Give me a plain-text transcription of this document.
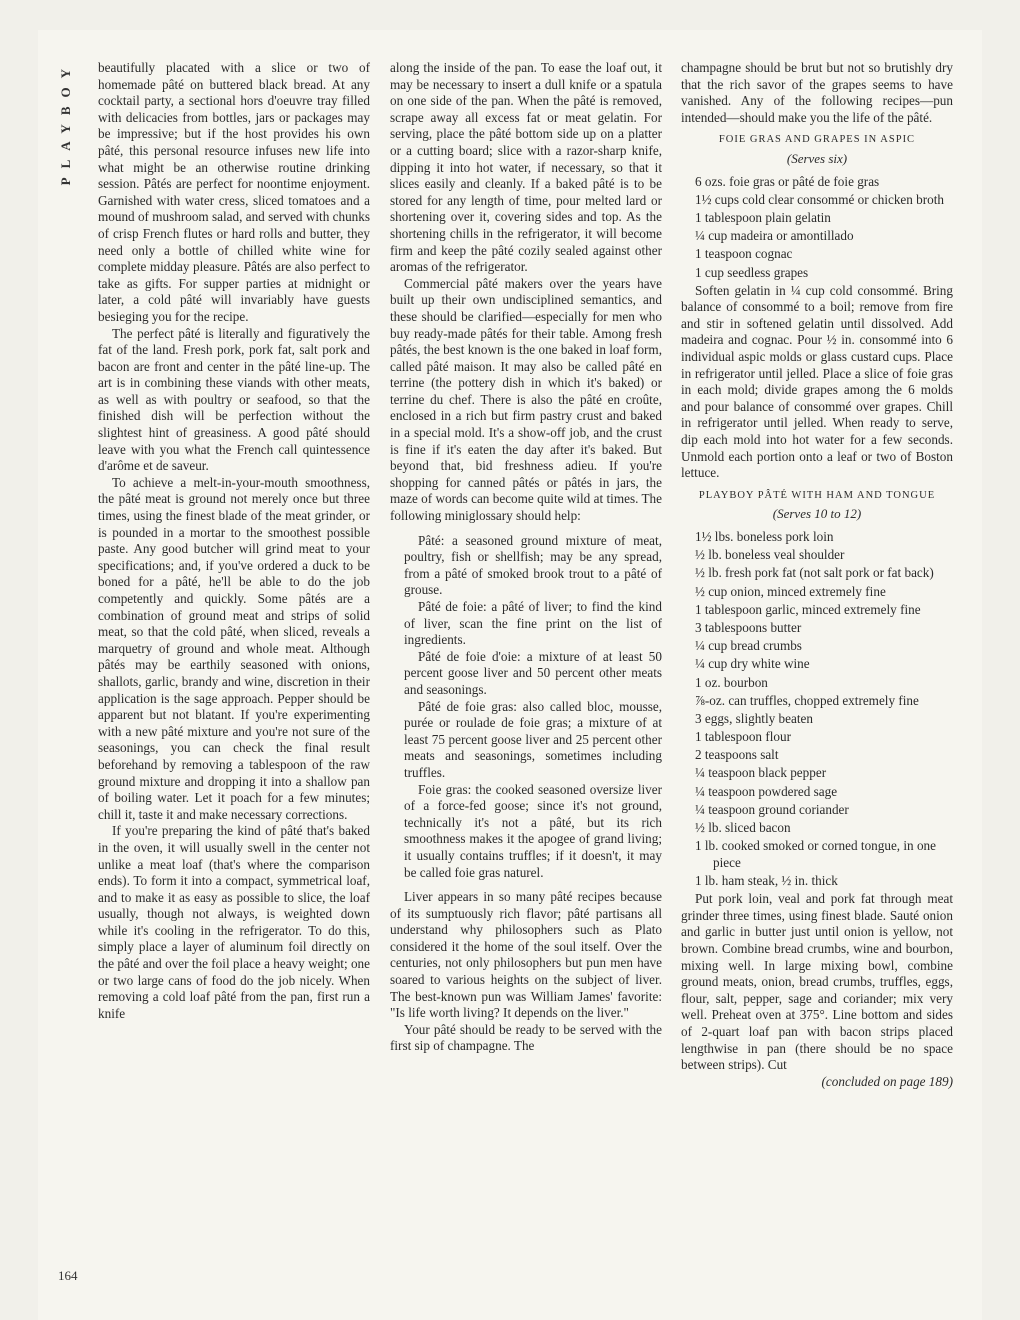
PLAYBOY
164

beautifully placated with a slice or two of homemade pâté on buttered black bread. At any cocktail party, a sectional hors d'oeuvre tray filled with delicacies from bottles, jars or packages may be impressive; but if the host provides his own pâté, this personal resource infuses new life into what might be an otherwise routine drinking session. Pâtés are perfect for noontime enjoyment. Garnished with water cress, sliced tomatoes and a mound of mushroom salad, and served with chunks of crisp French flutes or hard rolls and butter, they need only a bottle of chilled white wine for complete midday pleasure. Pâtés are also perfect to take as gifts. For supper parties at midnight or later, a cold pâté will invariably have guests besieging you for the recipe.

The perfect pâté is literally and figuratively the fat of the land. Fresh pork, pork fat, salt pork and bacon are front and center in the pâté line-up. The art is in combining these viands with other meats, as well as with poultry or seafood, so that the finished dish will be perfection without the slightest hint of greasiness. A good pâté should leave with you what the French call quintessence d'arôme et de saveur.

To achieve a melt-in-your-mouth smoothness, the pâté meat is ground not merely once but three times, using the finest blade of the meat grinder, or is pounded in a mortar to the smoothest possible paste. Any good butcher will grind meat to your specifications; and, if you've ordered a duck to be boned for a pâté, he'll be able to do the job competently and quickly. Some pâtés are a combination of ground meat and strips of solid meat, so that the cold pâté, when sliced, reveals a marquetry of ground and whole meat. Although pâtés may be earthily seasoned with onions, shallots, garlic, brandy and wine, discretion in their application is the sage approach. Pepper should be apparent but not blatant. If you're experimenting with a new pâté mixture and you're not sure of the seasonings, you can check the final result beforehand by removing a tablespoon of the raw ground mixture and dropping it into a shallow pan of boiling water. Let it poach for a few minutes; chill it, taste it and make necessary corrections.

If you're preparing the kind of pâté that's baked in the oven, it will usually swell in the center not unlike a meat loaf (that's where the comparison ends). To form it into a compact, symmetrical loaf, and to make it as easy as possible to slice, the loaf usually, though not always, is weighted down while it's cooling in the refrigerator. To do this, simply place a layer of aluminum foil directly on the pâté and over the foil place a heavy weight; one or two large cans of food do the job nicely. When removing a cold loaf pâté from the pan, first run a knife

along the inside of the pan. To ease the loaf out, it may be necessary to insert a dull knife or a spatula on one side of the pan. When the pâté is removed, scrape away all excess fat or meat gelatin. For serving, place the pâté bottom side up on a platter or a cutting board; slice with a razor-sharp knife, dipping it into hot water, if necessary, so that it slices easily and cleanly. If a baked pâté is to be stored for any length of time, pour melted lard or shortening over it, covering sides and top. As the shortening chills in the refrigerator, it will become firm and keep the pâté cozily sealed against other aromas of the refrigerator.

Commercial pâté makers over the years have built up their own undisciplined semantics, and these should be clarified—especially for men who buy ready-made pâtés for their table. Among fresh pâtés, the best known is the one baked in loaf form, called pâté maison. It may also be called pâté en terrine (the pottery dish in which it's baked) or terrine du chef. There is also the pâté en croûte, enclosed in a rich but firm pastry crust and baked in a special mold. It's a show-off job, and the crust is fine if it's eaten the day after it's baked. But beyond that, bid freshness adieu. If you're shopping for canned pâtés or pâtés in jars, the maze of words can become quite wild at times. The following miniglossary should help:

Pâté: a seasoned ground mixture of meat, poultry, fish or shellfish; may be any spread, from a pâté of smoked brook trout to a pâté of grouse.

Pâté de foie: a pâté of liver; to find the kind of liver, scan the fine print on the list of ingredients.

Pâté de foie d'oie: a mixture of at least 50 percent goose liver and 50 percent other meats and seasonings.

Pâté de foie gras: also called bloc, mousse, purée or roulade de foie gras; a mixture of at least 75 percent goose liver and 25 percent other meats and seasonings, sometimes including truffles.

Foie gras: the cooked seasoned oversize liver of a force-fed goose; since it's not ground, technically it's not a pâté, but its rich smoothness makes it the apogee of grand living; it usually contains truffles; if it doesn't, it may be called foie gras naturel.

Liver appears in so many pâté recipes because of its sumptuously rich flavor; pâté partisans all understand why philosophers such as Plato considered it the home of the soul itself. Over the centuries, not only philosophers but pun men have soared to various heights on the subject of liver. The best-known pun was William James' favorite: "Is life worth living? It depends on the liver."

Your pâté should be ready to be served with the first sip of champagne. The

champagne should be brut but not so brutishly dry that the rich savor of the grapes seems to have vanished. Any of the following recipes—pun intended—should make you the life of the pâté.

FOIE GRAS AND GRAPES IN ASPIC
(Serves six)
6 ozs. foie gras or pâté de foie gras
1½ cups cold clear consommé or chicken broth
1 tablespoon plain gelatin
¼ cup madeira or amontillado
1 teaspoon cognac
1 cup seedless grapes

Soften gelatin in ¼ cup cold consommé. Bring balance of consommé to a boil; remove from fire and stir in softened gelatin until dissolved. Add madeira and cognac. Pour ½ in. consommé into 6 individual aspic molds or glass custard cups. Place in refrigerator until jelled. Place a slice of foie gras in each mold; divide grapes among the 6 molds and pour balance of consommé over grapes. Chill in refrigerator until jelled. When ready to serve, dip each mold into hot water for a few seconds. Unmold each portion onto a leaf or two of Boston lettuce.

PLAYBOY PÂTÉ WITH HAM AND TONGUE
(Serves 10 to 12)
1½ lbs. boneless pork loin
½ lb. boneless veal shoulder
½ lb. fresh pork fat (not salt pork or fat back)
½ cup onion, minced extremely fine
1 tablespoon garlic, minced extremely fine
3 tablespoons butter
¼ cup bread crumbs
¼ cup dry white wine
1 oz. bourbon
⅞-oz. can truffles, chopped extremely fine
3 eggs, slightly beaten
1 tablespoon flour
2 teaspoons salt
¼ teaspoon black pepper
¼ teaspoon powdered sage
¼ teaspoon ground coriander
½ lb. sliced bacon
1 lb. cooked smoked or corned tongue, in one piece
1 lb. ham steak, ½ in. thick

Put pork loin, veal and pork fat through meat grinder three times, using finest blade. Sauté onion and garlic in butter just until onion is yellow, not brown. Combine bread crumbs, wine and bourbon, mixing well. In large mixing bowl, combine ground meats, onion, bread crumbs, truffles, eggs, flour, salt, pepper, sage and coriander; mix very well. Preheat oven at 375°. Line bottom and sides of 2-quart loaf pan with bacon strips placed lengthwise in pan (there should be no space between strips). Cut

(concluded on page 189)
